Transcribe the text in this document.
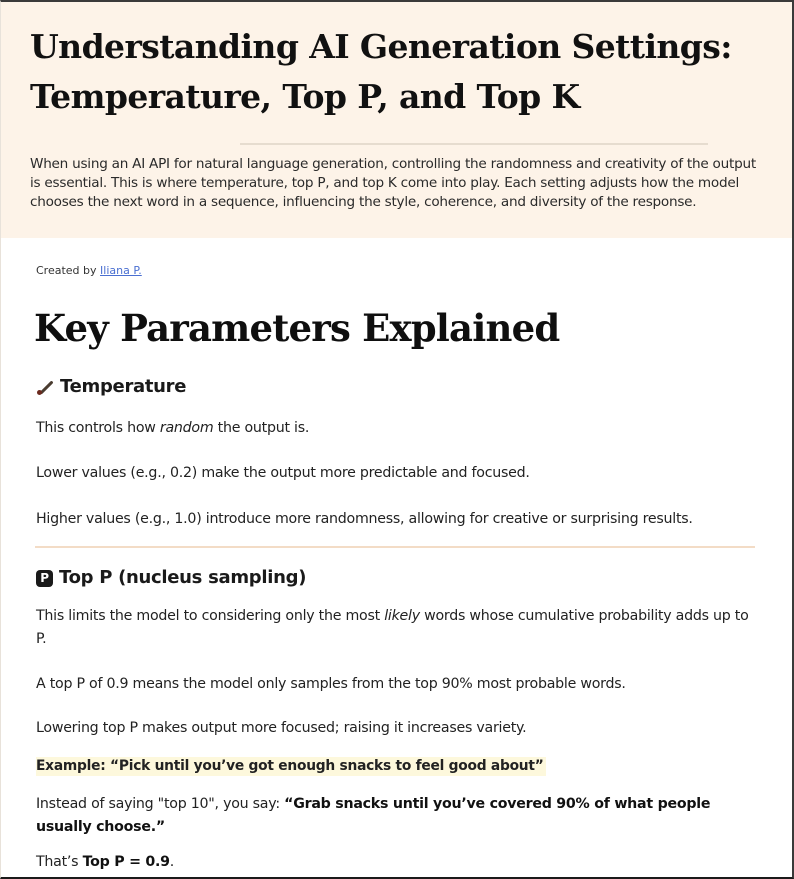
Understanding AI Generation Settings: Temperature, Top P, and Top K

When using an AI API for natural language generation, controlling the randomness and creativity of the output is essential. This is where temperature, top P, and top K come into play. Each setting adjusts how the model chooses the next word in a sequence, influencing the style, coherence, and diversity of the response.

Created by Iliana P.

Key Parameters Explained
Temperature

This controls how random the output is.

Lower values (e.g., 0.2) make the output more predictable and focused.

Higher values (e.g., 1.0) introduce more randomness, allowing for creative or surprising results.

P Top P (nucleus sampling)

This limits the model to considering only the most likely words whose cumulative probability adds up to P.

A top P of 0.9 means the model only samples from the top 90% most probable words.

Lowering top P makes output more focused; raising it increases variety.

Example: “Pick until you’ve got enough snacks to feel good about”

Instead of saying "top 10", you say: “Grab snacks until you’ve covered 90% of what people usually choose.”

That’s Top P = 0.9.
